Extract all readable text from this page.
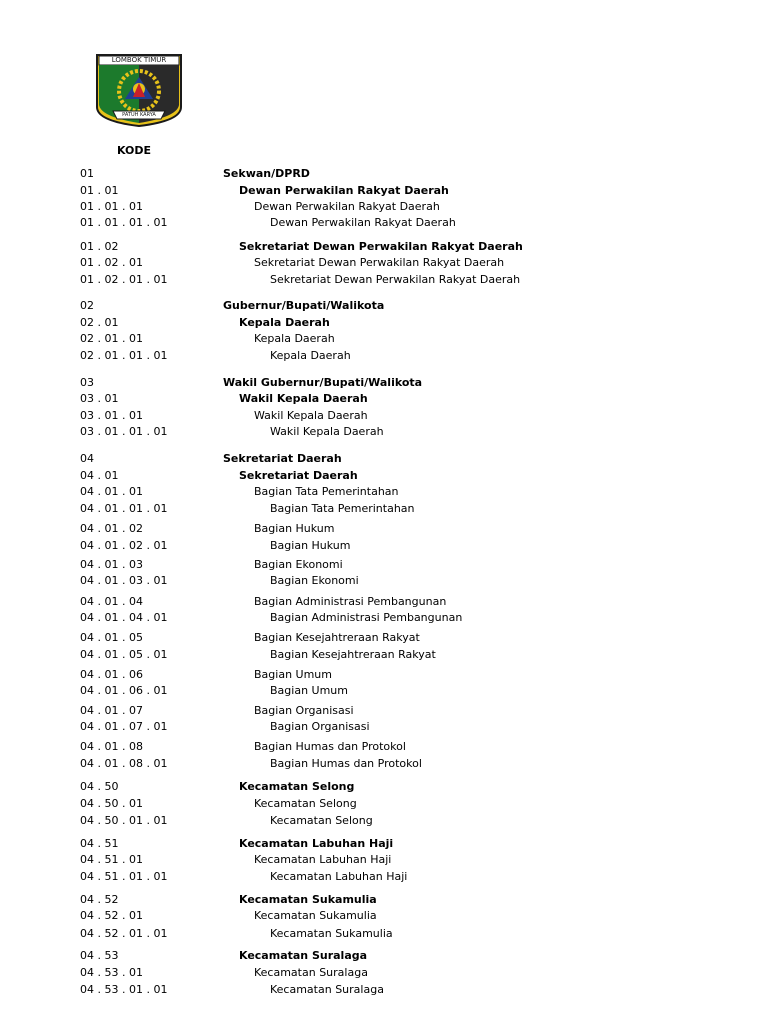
LOMBOK TIMUR
PATUH KARYA
KODE
01	Sekwan/DPRD
01 . 01	Dewan Perwakilan Rakyat Daerah
01 . 01 . 01	Dewan Perwakilan Rakyat Daerah
01 . 01 . 01 . 01	Dewan Perwakilan Rakyat Daerah
01 . 02	Sekretariat Dewan Perwakilan Rakyat Daerah
01 . 02 . 01	Sekretariat Dewan Perwakilan Rakyat Daerah
01 . 02 . 01 . 01	Sekretariat Dewan Perwakilan Rakyat Daerah
02	Gubernur/Bupati/Walikota
02 . 01	Kepala Daerah
02 . 01 . 01	Kepala Daerah
02 . 01 . 01 . 01	Kepala Daerah
03	Wakil Gubernur/Bupati/Walikota
03 . 01	Wakil Kepala Daerah
03 . 01 . 01	Wakil Kepala Daerah
03 . 01 . 01 . 01	Wakil Kepala Daerah
04	Sekretariat Daerah
04 . 01	Sekretariat Daerah
04 . 01 . 01	Bagian Tata Pemerintahan
04 . 01 . 01 . 01	Bagian Tata Pemerintahan
04 . 01 . 02	Bagian Hukum
04 . 01 . 02 . 01	Bagian Hukum
04 . 01 . 03	Bagian Ekonomi
04 . 01 . 03 . 01	Bagian Ekonomi
04 . 01 . 04	Bagian Administrasi Pembangunan
04 . 01 . 04 . 01	Bagian Administrasi Pembangunan
04 . 01 . 05	Bagian Kesejahtreraan Rakyat
04 . 01 . 05 . 01	Bagian Kesejahtreraan Rakyat
04 . 01 . 06	Bagian Umum
04 . 01 . 06 . 01	Bagian Umum
04 . 01 . 07	Bagian Organisasi
04 . 01 . 07 . 01	Bagian Organisasi
04 . 01 . 08	Bagian Humas dan Protokol
04 . 01 . 08 . 01	Bagian Humas dan Protokol
04 . 50	Kecamatan Selong
04 . 50 . 01	Kecamatan Selong
04 . 50 . 01 . 01	Kecamatan Selong
04 . 51	Kecamatan Labuhan Haji
04 . 51 . 01	Kecamatan Labuhan Haji
04 . 51 . 01 . 01	Kecamatan Labuhan Haji
04 . 52	Kecamatan Sukamulia
04 . 52 . 01	Kecamatan Sukamulia
04 . 52 . 01 . 01	Kecamatan Sukamulia
04 . 53	Kecamatan Suralaga
04 . 53 . 01	Kecamatan Suralaga
04 . 53 . 01 . 01	Kecamatan Suralaga
